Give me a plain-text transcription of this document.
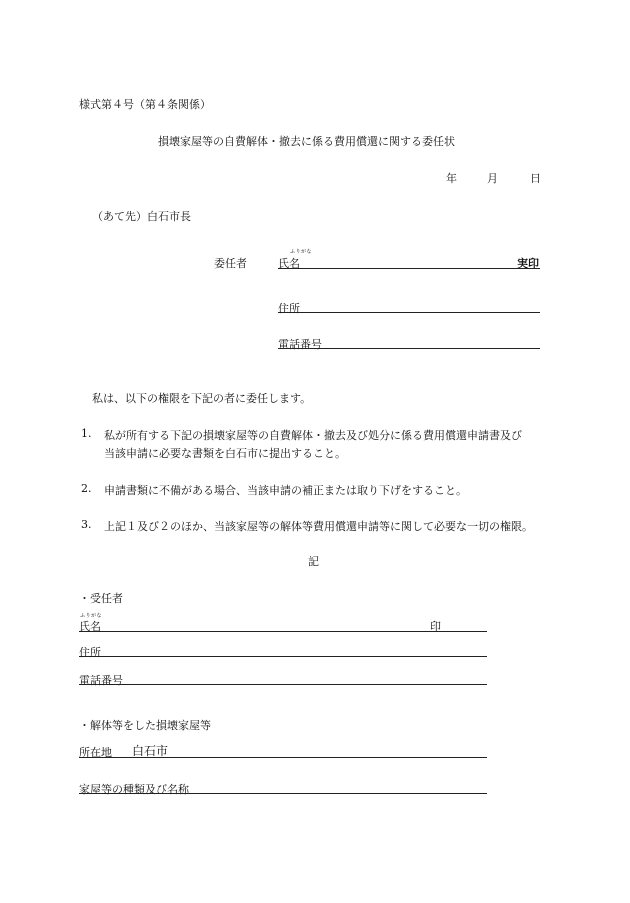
様式第４号（第４条関係）
損壊家屋等の自費解体・撤去に係る費用償還に関する委任状
年	月	日
（あて先）白石市長
委任者
ふりがな
氏名	実印
住所
電話番号
私は、以下の権限を下記の者に委任します。
1. 私が所有する下記の損壊家屋等の自費解体・撤去及び処分に係る費用償還申請書及び
当該申請に必要な書類を白石市に提出すること。
2. 申請書類に不備がある場合、当該申請の補正または取り下げをすること。
3. 上記１及び２のほか、当該家屋等の解体等費用償還申請等に関して必要な一切の権限。
記
・受任者
ふりがな
氏名	印
住所
電話番号
・解体等をした損壊家屋等
所在地 白石市
家屋等の種類及び名称
